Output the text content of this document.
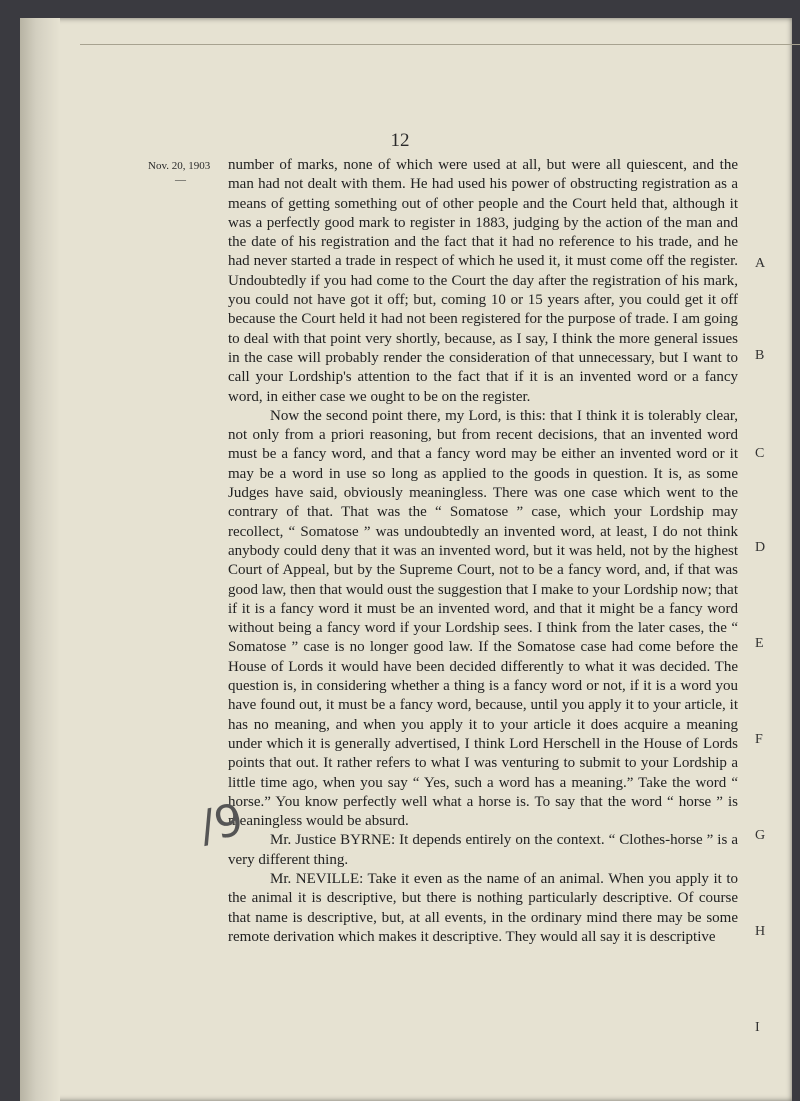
12
Nov. 20, 1903
—

number of marks, none of which were used at all, but were all quiescent, and the man had not dealt with them. He had used his power of obstructing registration as a means of getting something out of other people and the Court held that, although it was a perfectly good mark to register in 1883, judging by the action of the man and the date of his registration and the fact that it had no reference to his trade, and he had never started a trade in respect of which he used it, it must come off the register. Undoubtedly if you had come to the Court the day after the registration of his mark, you could not have got it off; but, coming 10 or 15 years after, you could get it off because the Court held it had not been registered for the purpose of trade. I am going to deal with that point very shortly, because, as I say, I think the more general issues in the case will probably render the consideration of that unnecessary, but I want to call your Lordship's attention to the fact that if it is an invented word or a fancy word, in either case we ought to be on the register.

Now the second point there, my Lord, is this: that I think it is tolerably clear, not only from a priori reasoning, but from recent decisions, that an invented word must be a fancy word, and that a fancy word may be either an invented word or it may be a word in use so long as applied to the goods in question. It is, as some Judges have said, obviously meaningless. There was one case which went to the contrary of that. That was the “ Somatose ” case, which your Lordship may recollect, “ Somatose ” was undoubtedly an invented word, at least, I do not think anybody could deny that it was an invented word, but it was held, not by the highest Court of Appeal, but by the Supreme Court, not to be a fancy word, and, if that was good law, then that would oust the suggestion that I make to your Lordship now; that if it is a fancy word it must be an invented word, and that it might be a fancy word without being a fancy word if your Lordship sees. I think from the later cases, the “ Somatose ” case is no longer good law. If the Somatose case had come before the House of Lords it would have been decided differently to what it was decided. The question is, in considering whether a thing is a fancy word or not, if it is a word you have found out, it must be a fancy word, because, until you apply it to your article, it has no meaning, and when you apply it to your article it does acquire a meaning under which it is generally advertised, I think Lord Herschell in the House of Lords points that out. It rather refers to what I was venturing to submit to your Lordship a little time ago, when you say “ Yes, such a word has a meaning.” Take the word “ horse.” You know perfectly well what a horse is. To say that the word “ horse ” is meaningless would be absurd.

Mr. Justice BYRNE: It depends entirely on the context. “ Clothes-horse ” is a very different thing.

Mr. NEVILLE: Take it even as the name of an animal. When you apply it to the animal it is descriptive, but there is nothing particularly descriptive. Of course that name is descriptive, but, at all events, in the ordinary mind there may be some remote derivation which makes it descriptive. They would all say it is descriptive

A
B
C
D
E
F
G
H
I
/9
